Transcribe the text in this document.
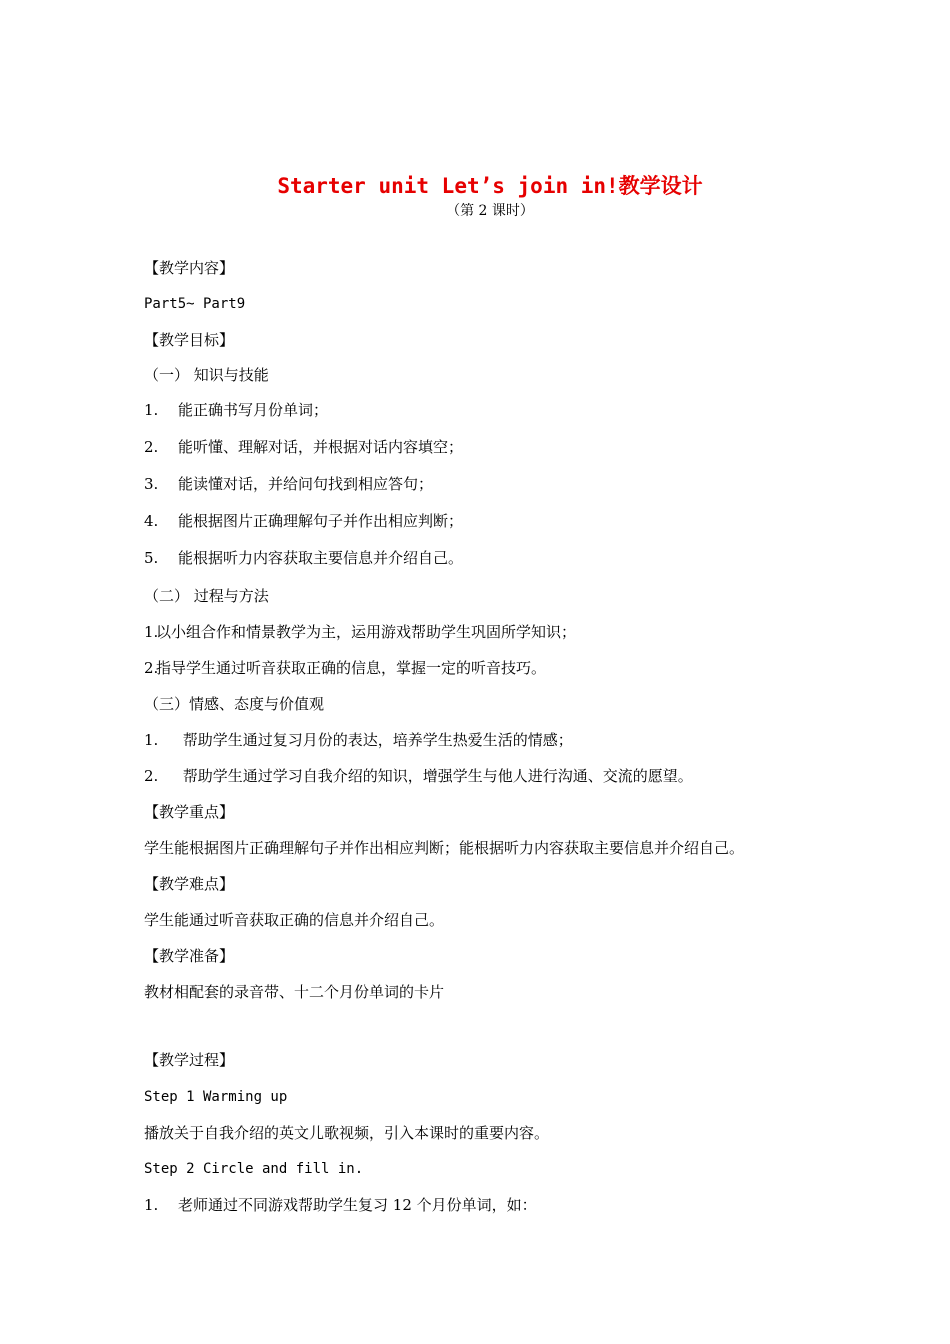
Starter unit Let’s join in!教学设计
（第 2 课时）
【教学内容】
Part5~ Part9
【教学目标】
（一） 知识与技能
1. 能正确书写月份单词；
2. 能听懂、理解对话，并根据对话内容填空；
3. 能读懂对话，并给问句找到相应答句；
4. 能根据图片正确理解句子并作出相应判断；
5. 能根据听力内容获取主要信息并介绍自己。
（二） 过程与方法
1.以小组合作和情景教学为主，运用游戏帮助学生巩固所学知识；
2.指导学生通过听音获取正确的信息，掌握一定的听音技巧。
（三）情感、态度与价值观
1. 帮助学生通过复习月份的表达，培养学生热爱生活的情感；
2. 帮助学生通过学习自我介绍的知识，增强学生与他人进行沟通、交流的愿望。
【教学重点】
学生能根据图片正确理解句子并作出相应判断；能根据听力内容获取主要信息并介绍自己。
【教学难点】
学生能通过听音获取正确的信息并介绍自己。
【教学准备】
教材相配套的录音带、十二个月份单词的卡片
【教学过程】
Step 1 Warming up
播放关于自我介绍的英文儿歌视频，引入本课时的重要内容。
Step 2 Circle and fill in.
1. 老师通过不同游戏帮助学生复习 12 个月份单词，如：
